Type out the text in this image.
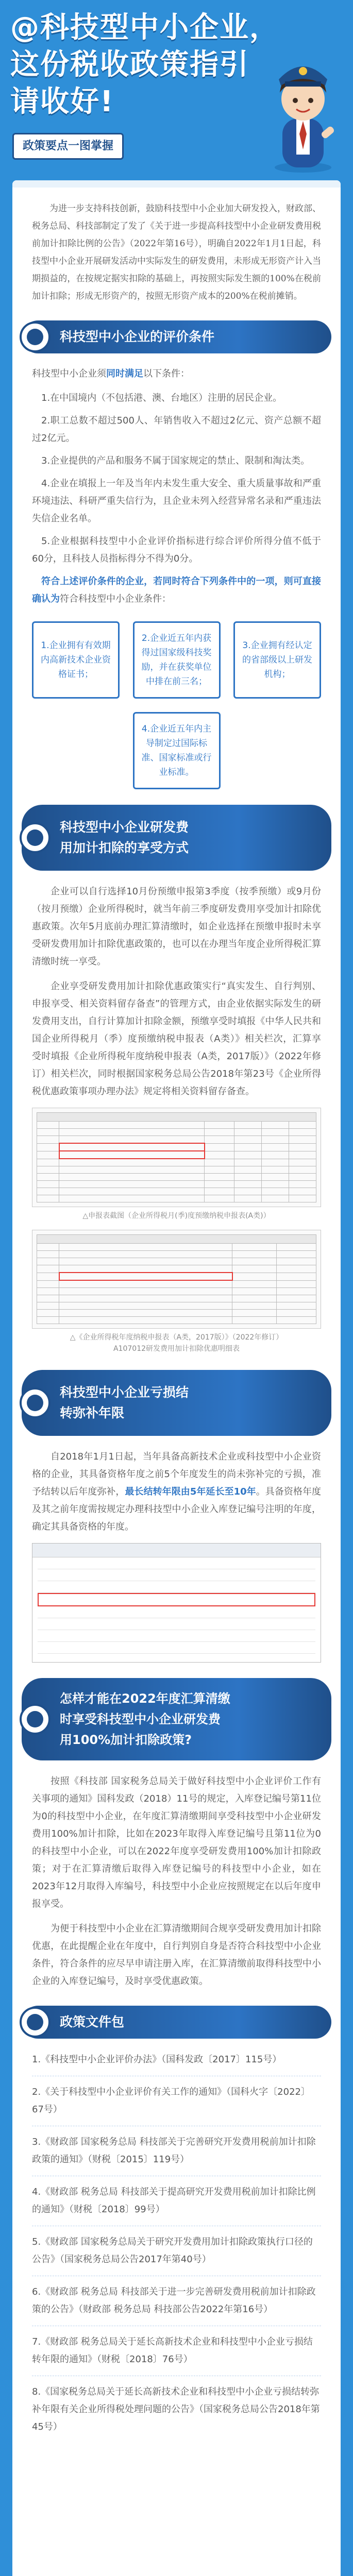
@科技型中小企业，
这份税收政策指引
请收好!
政策要点一图掌握

为进一步支持科技创新，鼓励科技型中小企业加大研发投入，财政部、税务总局、科技部制定了发了《关于进一步提高科技型中小企业研发费用税前加计扣除比例的公告》（2022年第16号），明确自2022年1月1日起，科技型中小企业开展研发活动中实际发生的研发费用，未形成无形资产计入当期损益的，在按规定据实扣除的基础上，再按照实际发生额的100%在税前加计扣除；形成无形资产的，按照无形资产成本的200%在税前摊销。

科技型中小企业的评价条件

科技型中小企业须同时满足以下条件：

1.在中国境内（不包括港、澳、台地区）注册的居民企业。

2.职工总数不超过500人、年销售收入不超过2亿元、资产总额不超过2亿元。

3.企业提供的产品和服务不属于国家规定的禁止、限制和淘汰类。

4.企业在填报上一年及当年内未发生重大安全、重大质量事故和严重环境违法、科研严重失信行为，且企业未列入经营异常名录和严重违法失信企业名单。

5.企业根据科技型中小企业评价指标进行综合评价所得分值不低于60分，且科技人员指标得分不得为0分。

符合上述评价条件的企业，若同时符合下列条件中的一项，则可直接确认为符合科技型中小企业条件：

1.企业拥有有效期内高新技术企业资格证书；
2.企业近五年内获得过国家级科技奖励，并在获奖单位中排在前三名；
3.企业拥有经认定的省部级以上研发机构；
4.企业近五年内主导制定过国际标准、国家标准或行业标准。
科技型中小企业研发费
用加计扣除的享受方式

企业可以自行选择10月份预缴申报第3季度（按季预缴）或9月份（按月预缴）企业所得税时，就当年前三季度研发费用享受加计扣除优惠政策。次年5月底前办理汇算清缴时，如企业选择在预缴申报时未享受研发费用加计扣除优惠政策的，也可以在办理当年度企业所得税汇算清缴时统一享受。

企业享受研发费用加计扣除优惠政策实行“真实发生、自行判别、申报享受、相关资料留存备查”的管理方式，由企业依据实际发生的研发费用支出，自行计算加计扣除金额，预缴享受时填报《中华人民共和国企业所得税月（季）度预缴纳税申报表（A类）》相关栏次，汇算享受时填报《企业所得税年度纳税申报表（A类，2017版）》（2022年修订）相关栏次，同时根据国家税务总局公告2018年第23号《企业所得税优惠政策事项办理办法》规定将相关资料留存备查。

△申报表截图（企业所得税月(季)度预缴纳税申报表(A类)）

△《企业所得税年度纳税申报表（A类，2017版）》（2022年修订）
A107012研发费用加计扣除优惠明细表
科技型中小企业亏损结
转弥补年限

自2018年1月1日起，当年具备高新技术企业或科技型中小企业资格的企业，其具备资格年度之前5个年度发生的尚未弥补完的亏损，准予结转以后年度弥补，最长结转年限由5年延长至10年。具备资格年度及其之前年度需按规定办理科技型中小企业入库登记编号注明的年度，确定其具备资格的年度。

怎样才能在2022年度汇算清缴
时享受科技型中小企业研发费
用100%加计扣除政策?

按照《科技部 国家税务总局关于做好科技型中小企业评价工作有关事项的通知》国科发政（2018）11号的规定，入库登记编号第11位为0的科技型中小企业，在年度汇算清缴期间享受科技型中小企业研发费用100%加计扣除，比如在2023年取得入库登记编号且第11位为0的科技型中小企业，可以在2022年度享受研发费用100%加计扣除政策；对于在汇算清缴后取得入库登记编号的科技型中小企业，如在2023年12月取得入库编号，科技型中小企业应按照规定在以后年度申报享受。

为便于科技型中小企业在汇算清缴期间合规享受研发费用加计扣除优惠，在此提醒企业在年度中，自行判别自身是否符合科技型中小企业条件，符合条件的应尽早申请注册入库，在汇算清缴前取得科技型中小企业的入库登记编号，及时享受优惠政策。

政策文件包
1.《科技型中小企业评价办法》（国科发政〔2017〕115号）
2.《关于科技型中小企业评价有关工作的通知》（国科火字〔2022〕67号）
3.《财政部 国家税务总局 科技部关于完善研究开发费用税前加计扣除政策的通知》（财税〔2015〕119号）
4.《财政部 税务总局 科技部关于提高研究开发费用税前加计扣除比例的通知》（财税〔2018〕99号）
5.《财政部 国家税务总局关于研究开发费用加计扣除政策执行口径的公告》（国家税务总局公告2017年第40号）
6.《财政部 税务总局 科技部关于进一步完善研发费用税前加计扣除政策的公告》（财政部 税务总局 科技部公告2022年第16号）
7.《财政部 税务总局关于延长高新技术企业和科技型中小企业亏损结转年限的通知》（财税〔2018〕76号）
8.《国家税务总局关于延长高新技术企业和科技型中小企业亏损结转弥补年限有关企业所得税处理问题的公告》（国家税务总局公告2018年第45号）
